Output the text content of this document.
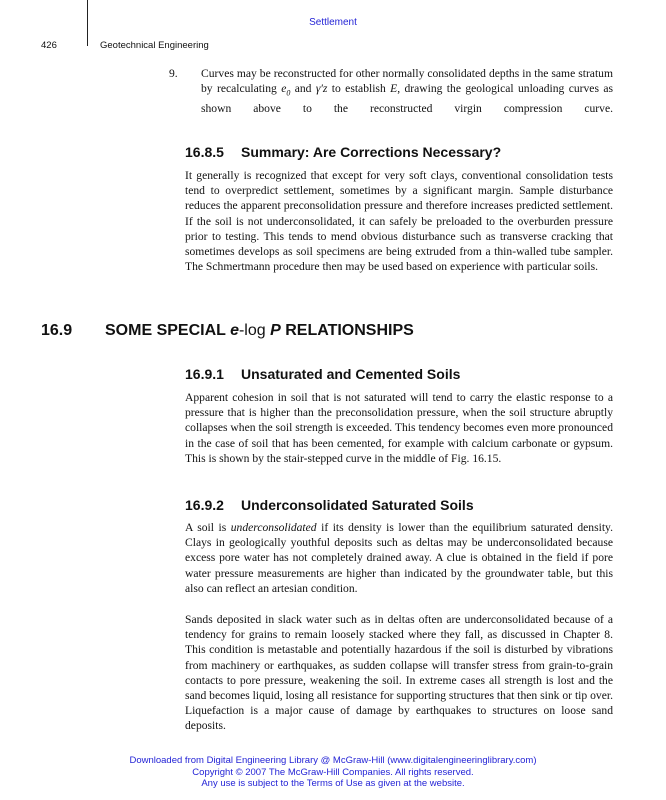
Settlement
426	Geotechnical Engineering

9. Curves may be reconstructed for other normally consolidated depths in the same stratum by recalculating $e_0$ and γ′z to establish E, drawing the geological unloading curves as shown above to the reconstructed virgin compression curve.

16.8.5 Summary: Are Corrections Necessary?

It generally is recognized that except for very soft clays, conventional consolidation tests tend to overpredict settlement, sometimes by a significant margin. Sample disturbance reduces the apparent preconsolidation pressure and therefore increases predicted settlement. If the soil is not underconsolidated, it can safely be preloaded to the overburden pressure prior to testing. This tends to mend obvious disturbance such as transverse cracking that sometimes develops as soil specimens are being extruded from a thin-walled tube sampler. The Schmertmann procedure then may be used based on experience with particular soils.

16.9 SOME SPECIAL e-log P RELATIONSHIPS
16.9.1 Unsaturated and Cemented Soils

Apparent cohesion in soil that is not saturated will tend to carry the elastic response to a pressure that is higher than the preconsolidation pressure, when the soil structure abruptly collapses when the soil strength is exceeded. This tendency becomes even more pronounced in the case of soil that has been cemented, for example with calcium carbonate or gypsum. This is shown by the stair-stepped curve in the middle of Fig. 16.15.

16.9.2 Underconsolidated Saturated Soils

A soil is underconsolidated if its density is lower than the equilibrium saturated density. Clays in geologically youthful deposits such as deltas may be underconsolidated because excess pore water has not completely drained away. A clue is obtained in the field if pore water pressure measurements are higher than indicated by the groundwater table, but this also can reflect an artesian condition.

Sands deposited in slack water such as in deltas often are underconsolidated because of a tendency for grains to remain loosely stacked where they fall, as discussed in Chapter 8. This condition is metastable and potentially hazardous if the soil is disturbed by vibrations from machinery or earthquakes, as sudden collapse will transfer stress from grain-to-grain contacts to pore pressure, weakening the soil. In extreme cases all strength is lost and the sand becomes liquid, losing all resistance for supporting structures that then sink or tip over. Liquefaction is a major cause of damage by earthquakes to structures on loose sand deposits.

Downloaded from Digital Engineering Library @ McGraw-Hill (www.digitalengineeringlibrary.com)
Copyright © 2007 The McGraw-Hill Companies. All rights reserved.
Any use is subject to the Terms of Use as given at the website.
